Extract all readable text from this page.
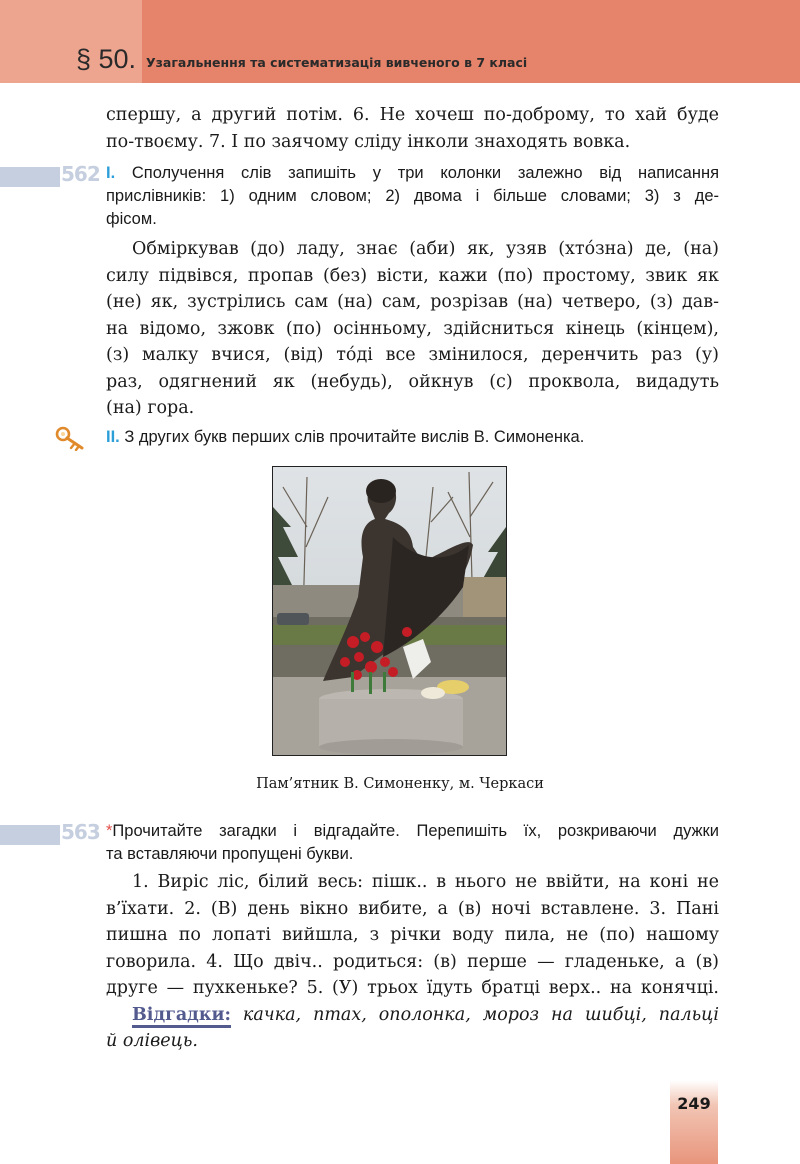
§ 50. Узагальнення та систематизація вивченого в 7 класі
спершу, а другий потім. 6. Не хочеш по-доброму, то хай буде
по-твоєму. 7. І по заячому сліду інколи знаходять вовка.
562 І. Сполучення слів запишіть у три колонки залежно від написання
прислівників: 1) одним словом; 2) двома і більше словами; 3) з де-
фісом.
Обміркував (до) ладу, знає (аби) як, узяв (хто́зна) де, (на)
силу підвівся, пропав (без) вісти, кажи (по) простому, звик як
(не) як, зустрілись сам (на) сам, розрізав (на) четверо, (з) дав-
на відомо, зжовк (по) осінньому, здійсниться кінець (кінцем),
(з) малку вчися, (від) то́ді все змінилося, деренчить раз (у)
раз, одягнений як (небудь), ойкнув (с) проквола, видадуть
(на) гора.
ІІ. З других букв перших слів прочитайте вислів В. Симоненка.
Пам’ятник В. Симоненку, м. Черкаси
563 *Прочитайте загадки і відгадайте. Перепишіть їх, розкриваючи дужки
та вставляючи пропущені букви.
1. Виріс ліс, білий весь: пішк.. в нього не ввійти, на коні не
в’їхати. 2. (В) день вікно вибите, а (в) ночі вставлене. 3. Пані
пишна по лопаті вийшла, з річки воду пила, не (по) нашому
говорила. 4. Що двіч.. родиться: (в) перше — гладеньке, а (в)
друге — пухкеньке? 5. (У) трьох їдуть братці верх.. на конячці.
Відгадки: качка, птах, ополонка, мороз на шибці, пальці
й олівець.
249
